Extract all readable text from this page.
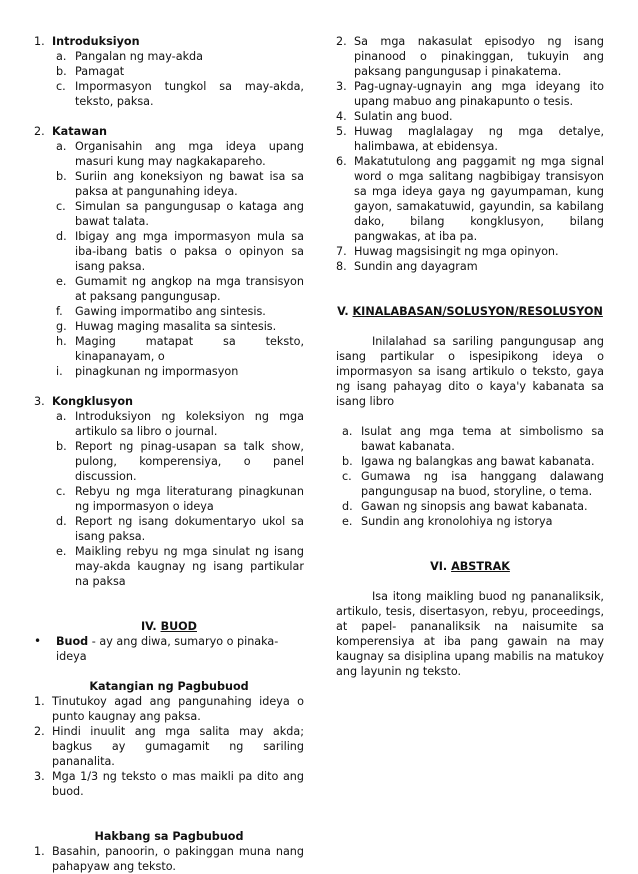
1. Introduksiyon
a. Pangalan ng may-akda
b. Pamagat
c. Impormasyon tungkol sa may-akda, teksto, paksa.
2. Katawan
a. Organisahin ang mga ideya upang masuri kung may nagkakapareho.
b. Suriin ang koneksiyon ng bawat isa sa paksa at pangunahing ideya.
c. Simulan sa pangungusap o kataga ang bawat talata.
d. Ibigay ang mga impormasyon mula sa iba-ibang batis o paksa o opinyon sa isang paksa.
e. Gumamit ng angkop na mga transisyon at paksang pangungusap.
f.	Gawing impormatibo ang sintesis.
g. Huwag maging masalita sa sintesis.
h. Maging matapat sa teksto, kinapanayam, o
i.	pinagkunan ng impormasyon
3. Kongklusyon
a. Introduksiyon ng koleksiyon ng mga artikulo sa libro o journal.
b. Report ng pinag-usapan sa talk show, pulong, komperensiya, o panel discussion.
c. Rebyu ng mga literaturang pinagkunan ng impormasyon o ideya
d. Report ng isang dokumentaryo ukol sa isang paksa.
e. Maikling rebyu ng mga sinulat ng isang may-akda kaugnay ng isang partikular na paksa
IV. BUOD
•	Buod - ay ang diwa, sumaryo o pinaka-ideya
Katangian ng Pagbubuod
1. Tinutukoy agad ang pangunahing ideya o punto kaugnay ang paksa.
2. Hindi inuulit ang mga salita may akda; bagkus ay gumagamit ng sariling pananalita.
3. Mga 1/3 ng teksto o mas maikli pa dito ang buod.
Hakbang sa Pagbubuod
1. Basahin, panoorin, o pakinggan muna nang pahapyaw ang teksto.
2. Sa mga nakasulat episodyo ng isang pinanood o pinakinggan, tukuyin ang paksang pangungusap i pinakatema.
3. Pag-ugnay-ugnayin ang mga ideyang ito upang mabuo ang pinakapunto o tesis.
4. Sulatin ang buod.
5. Huwag maglalagay ng mga detalye, halimbawa, at ebidensya.
6. Makatutulong ang paggamit ng mga signal word o mga salitang nagbibigay transisyon sa mga ideya gaya ng gayumpaman, kung gayon, samakatuwid, gayundin, sa kabilang dako, bilang kongklusyon, bilang pangwakas, at iba pa.
7. Huwag magsisingit ng mga opinyon.
8. Sundin ang dayagram
V. KINALABASAN/SOLUSYON/RESOLUSYON
Inilalahad sa sariling pangungusap ang isang partikular o ispesipikong ideya o impormasyon sa isang artikulo o teksto, gaya ng isang pahayag dito o kaya'y kabanata sa isang libro
a. Isulat ang mga tema at simbolismo sa bawat kabanata.
b. Igawa ng balangkas ang bawat kabanata.
c. Gumawa ng isa hanggang dalawang pangungusap na buod, storyline, o tema.
d. Gawan ng sinopsis ang bawat kabanata.
e. Sundin ang kronolohiya ng istorya
VI. ABSTRAK
Isa itong maikling buod ng pananaliksik, artikulo, tesis, disertasyon, rebyu, proceedings, at papel- pananaliksik na naisumite sa komperensiya at iba pang gawain na may kaugnay sa disiplina upang mabilis na matukoy ang layunin ng teksto.
